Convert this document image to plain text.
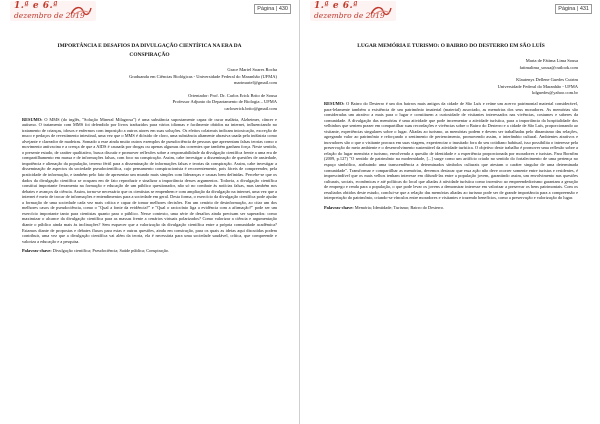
1.ª e 6.ª
dezembro de 2019
Página | 430

IMPORTÂNCIA E DESAFIOS DA DIVULGAÇÃO CIENTÍFICA NA ERA DA
CONSPIRAÇÃO

Grace Mariel Soares Rocha
Graduanda em Ciências Biológicas - Universidade Federal do Maranhão (UFMA)
marimariel@gmail.com
Orientador: Prof. Dr. Carlos Erick Brito de Sousa
Professor Adjunto do Departamento de Biologia – UFMA
carloserick.brito@gmail.com

RESUMO: O MMS (do inglês, "Solução Mineral Milagrosa") é uma substância supostamente capaz de curar malária, Alzheimer, câncer e autismo. O tratamento com MMS foi defendido por livros traduzidos para vários idiomas e facilmente obtidos na internet, influenciando no tratamento de crianças, idosos e enfermos com imposição a outros atores em suas soluções. Os efeitos colaterais indicam intoxicação, excreção de muco e pedaços de revestimento intestinal, uma vez que o MMS é dióxido de cloro, uma substância altamente abrasiva usada pela indústria como alvejante e clareador de madeiras. Somado a esse ainda muito outros exemplos de pseudociência de pessoas que apresentam falsas teorias como o movimento antivacina e a crença de que a AIDS é causada por drogas ou apenas algumas das correntes que também ganham força. Neste sentido, o presente estudo, de caráter qualitativo, busca discutir e promover reflexões sobre a responsabilidade da divulgação científica frente a uma era de compartilhamento em massa e de informações falsas, com foco na conspiração. Assim, cabe investigar a disseminação de questões de ansiedade, impotência e alienação da população, terreno fértil para a disseminação de informações falsas e teorias da conspiração. Assim, cabe investigar a disseminação de aspectos da sociedade pseudocientífica, cujo pensamento conspiracionista é recorrentemente, pois fáceis de compreender, pela praticidade de informação, e também pelo fato de apresentar um mundo mais simples com lideranças e causas bem definidas. Percebe-se que os dados da divulgação científica se ocupam em de fato reproduzir e sinalizar a importância desses argumentos. Todavia, a divulgação científica constitui importante ferramenta na formação e educação de um público questionador, não só no combate às notícias falsas, mas também nos debates e avanços da ciência. Assim, torna-se necessário que os cientistas se empenhem e com ampliação da divulgação na internet, uma vez que a internet é meio de trocar de informações e entendimentos para a sociedade em geral. Desta forma, o exercício da divulgação científica pode ajudar a formação de uma sociedade cada vez mais crítica e capaz de tomar melhores decisões. Em um cenário de desinformação, ao citar um dos melhores casos de pseudociência, como o "Qual a fonte da evidência?" e "Qual o raciocínio liga a evidência com a afirmação?" pode ser um exercício importante tanto para cientistas quanto para o público. Nesse contexto, uma série de desafios ainda precisam ser superados: como maximizar o alcance da divulgação científica para as massas frente a cenários virtuais polarizados? Como valorizar a ciência e argumentação diante o público ainda mais às inclinações? Sem esquecer que a valorização da divulgação científica entre a própria comunidade acadêmica? Estamos diante de propostas e debates fluxos para estas e outras questões, ainda em construção, para os quais as ideias aqui discutidas podem contribuir, uma vez que a divulgação científica vai além da teoria, ela é necessária para uma sociedade saudável, crítica, que compreende e valoriza a educação e a pesquisa.

Palavras-chave: Divulgação científica; Pseudociência; Saúde pública; Conspiração.

1.ª e 6.ª
dezembro de 2019
Página | 431

LUGAR MEMÓRIA E TURISMO: O BAIRRO DO DESTERRO EM SÃO LUÍS

Maria de Fátima Lima Sousa
fatimalima_sousa@outlook.com
Klautenys Dellene Guedes Cutrim
Universidade Federal do Maranhão - UFMA
kdguedes@yahoo.com.br

RESUMO: O Bairro do Desterro é um dos bairros mais antigos da cidade de São Luís e reúne um acervo patrimonial material considerável, para-lelamente também a existência de um patrimônio imaterial (material) associado, as memórias dos seus moradores. As memórias são consideradas um atrativo a mais para o lugar e constituem a curiosidade de visitantes interessados nas vivências, costumes e saberes da comunidade. A divulgação das memórias é uma atividade que pode incrementar a atividade turística, para a importância da hospitalidade dos velhinhos que sentem prazer em compartilhar suas recordações e vivências sobre o Bairro do Desterro e a cidade de São Luís, proporcionando ao visitante, experiências singulares sobre o lugar. Aliadas ao turismo, as memórias podem e devem ser trabalhadas pelo dinamismo das relações, agregando valor ao patrimônio e reforçando o sentimento de pertencimento, promovendo assim, o interâmbio cultural. Ambientes atrativos e inovadores são o que o visitante procura em suas viagens, experienciar o inusitado fora do seu cotidiano habitual, isso possibilita o interesse pela preservação do meio ambiente e o desenvolvimento sustentável da atividade turística. O objetivo deste trabalho é promover uma reflexão sobre a relação do lugar memória e turismo, envolvendo a questão de identidade e a experiência proporcionada por moradores e turistas. Para Bornfim (2009, p.127) "O sentido de patrimônio na modernidade, [...] surge como um artifício criado no sentido do fortalecimento de uma pertença no espaço simbólico, atribuindo uma transcendência a determinados símbolos culturais que atestam o caráter singular de uma determinada comunidade". Transformar e compartilhar as memórias, devemos destacar que essa ação não deve ocorrer somente entre turistas e residentes, é imprescindível que os mais velhos tenham interesse em difundi-las entre a população jovem, garantindo assim, um envolvimento nas questões culturais, sociais, econômicas e até políticas do local que aliadas à atividade turística como incentivo ao empreendedorismo garantam a geração de emprego e renda para a população, o que pode levar os jovens a demonstrar interesse em valorizar a preservar os bens patrimoniais. Com os resultados obtidos deste estudo, conclui-se que a relação das memórias aliadas ao turismo pode ser de grande importância para a compreensão e interpretação do patrimônio, criando-se vínculos entre moradores e visitantes e trazendo benefícios, como a preservação e valorização do lugar.

Palavras-chave: Memória; Identidade; Turismo; Bairro do Desterro.
